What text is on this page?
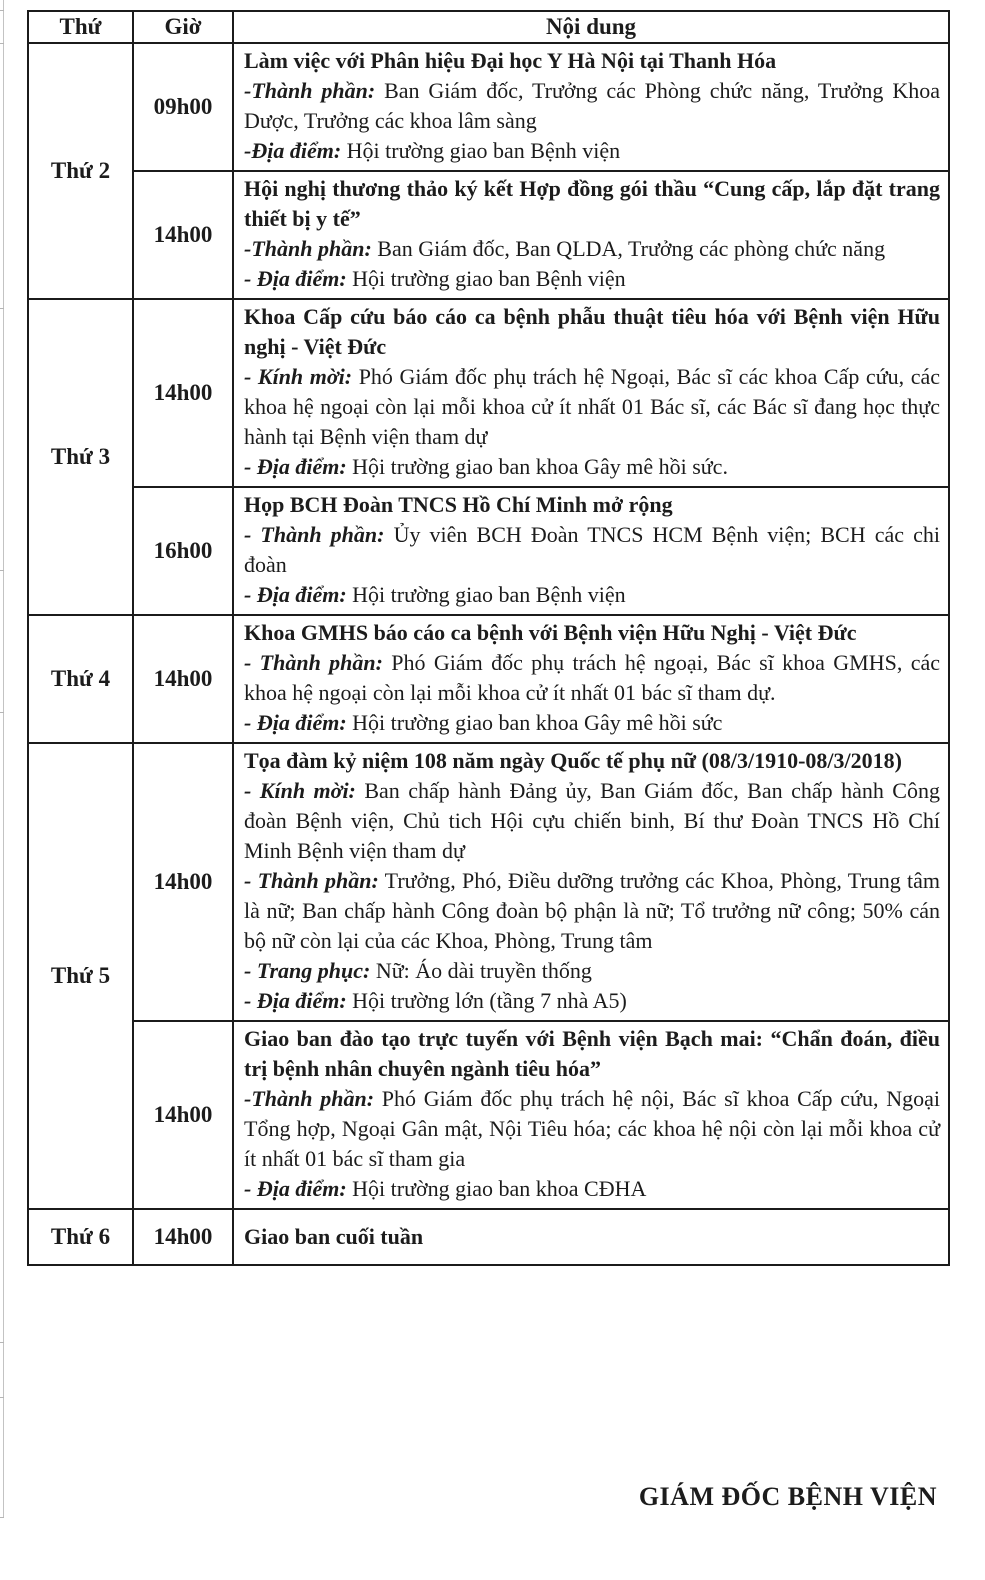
Thứ	Giờ	Nội dung
Thứ 2	09h00	Làm việc với Phân hiệu Đại học Y Hà Nội tại Thanh Hóa
-Thành phần: Ban Giám đốc, Trưởng các Phòng chức năng, Trưởng Khoa Dược, Trưởng các khoa lâm sàng
-Địa điểm: Hội trường giao ban Bệnh viện

	14h00	Hội nghị thương thảo ký kết Hợp đồng gói thầu “Cung cấp, lắp đặt trang thiết bị y tế”
-Thành phần: Ban Giám đốc, Ban QLDA, Trưởng các phòng chức năng
- Địa điểm: Hội trường giao ban Bệnh viện

Thứ 3	14h00	Khoa Cấp cứu báo cáo ca bệnh phẫu thuật tiêu hóa với Bệnh viện Hữu nghị - Việt Đức
- Kính mời: Phó Giám đốc phụ trách hệ Ngoại, Bác sĩ các khoa Cấp cứu, các khoa hệ ngoại còn lại mỗi khoa cử ít nhất 01 Bác sĩ, các Bác sĩ đang học thực hành tại Bệnh viện tham dự
- Địa điểm: Hội trường giao ban khoa Gây mê hồi sức.

	16h00	Họp BCH Đoàn TNCS Hồ Chí Minh mở rộng
- Thành phần: Ủy viên BCH Đoàn TNCS HCM Bệnh viện; BCH các chi đoàn
- Địa điểm: Hội trường giao ban Bệnh viện

Thứ 4	14h00	Khoa GMHS báo cáo ca bệnh với Bệnh viện Hữu Nghị - Việt Đức
- Thành phần: Phó Giám đốc phụ trách hệ ngoại, Bác sĩ khoa GMHS, các khoa hệ ngoại còn lại mỗi khoa cử ít nhất 01 bác sĩ tham dự.
- Địa điểm: Hội trường giao ban khoa Gây mê hồi sức

Thứ 5	14h00	Tọa đàm kỷ niệm 108 năm ngày Quốc tế phụ nữ (08/3/1910-08/3/2018)
- Kính mời: Ban chấp hành Đảng ủy, Ban Giám đốc, Ban chấp hành Công đoàn Bệnh viện, Chủ tich Hội cựu chiến binh, Bí thư Đoàn TNCS Hồ Chí Minh Bệnh viện tham dự
- Thành phần: Trưởng, Phó, Điều dưỡng trưởng các Khoa, Phòng, Trung tâm là nữ; Ban chấp hành Công đoàn bộ phận là nữ; Tổ trưởng nữ công; 50% cán bộ nữ còn lại của các Khoa, Phòng, Trung tâm
- Trang phục: Nữ: Áo dài truyền thống
- Địa điểm: Hội trường lớn (tầng 7 nhà A5)

	14h00	Giao ban đào tạo trực tuyến với Bệnh viện Bạch mai: “Chẩn đoán, điều trị bệnh nhân chuyên ngành tiêu hóa”
-Thành phần: Phó Giám đốc phụ trách hệ nội, Bác sĩ khoa Cấp cứu, Ngoại Tổng hợp, Ngoại Gân mật, Nội Tiêu hóa; các khoa hệ nội còn lại mỗi khoa cử ít nhất 01 bác sĩ tham gia
- Địa điểm: Hội trường giao ban khoa CĐHA

Thứ 6	14h00	Giao ban cuối tuần
GIÁM ĐỐC BỆNH VIỆN
